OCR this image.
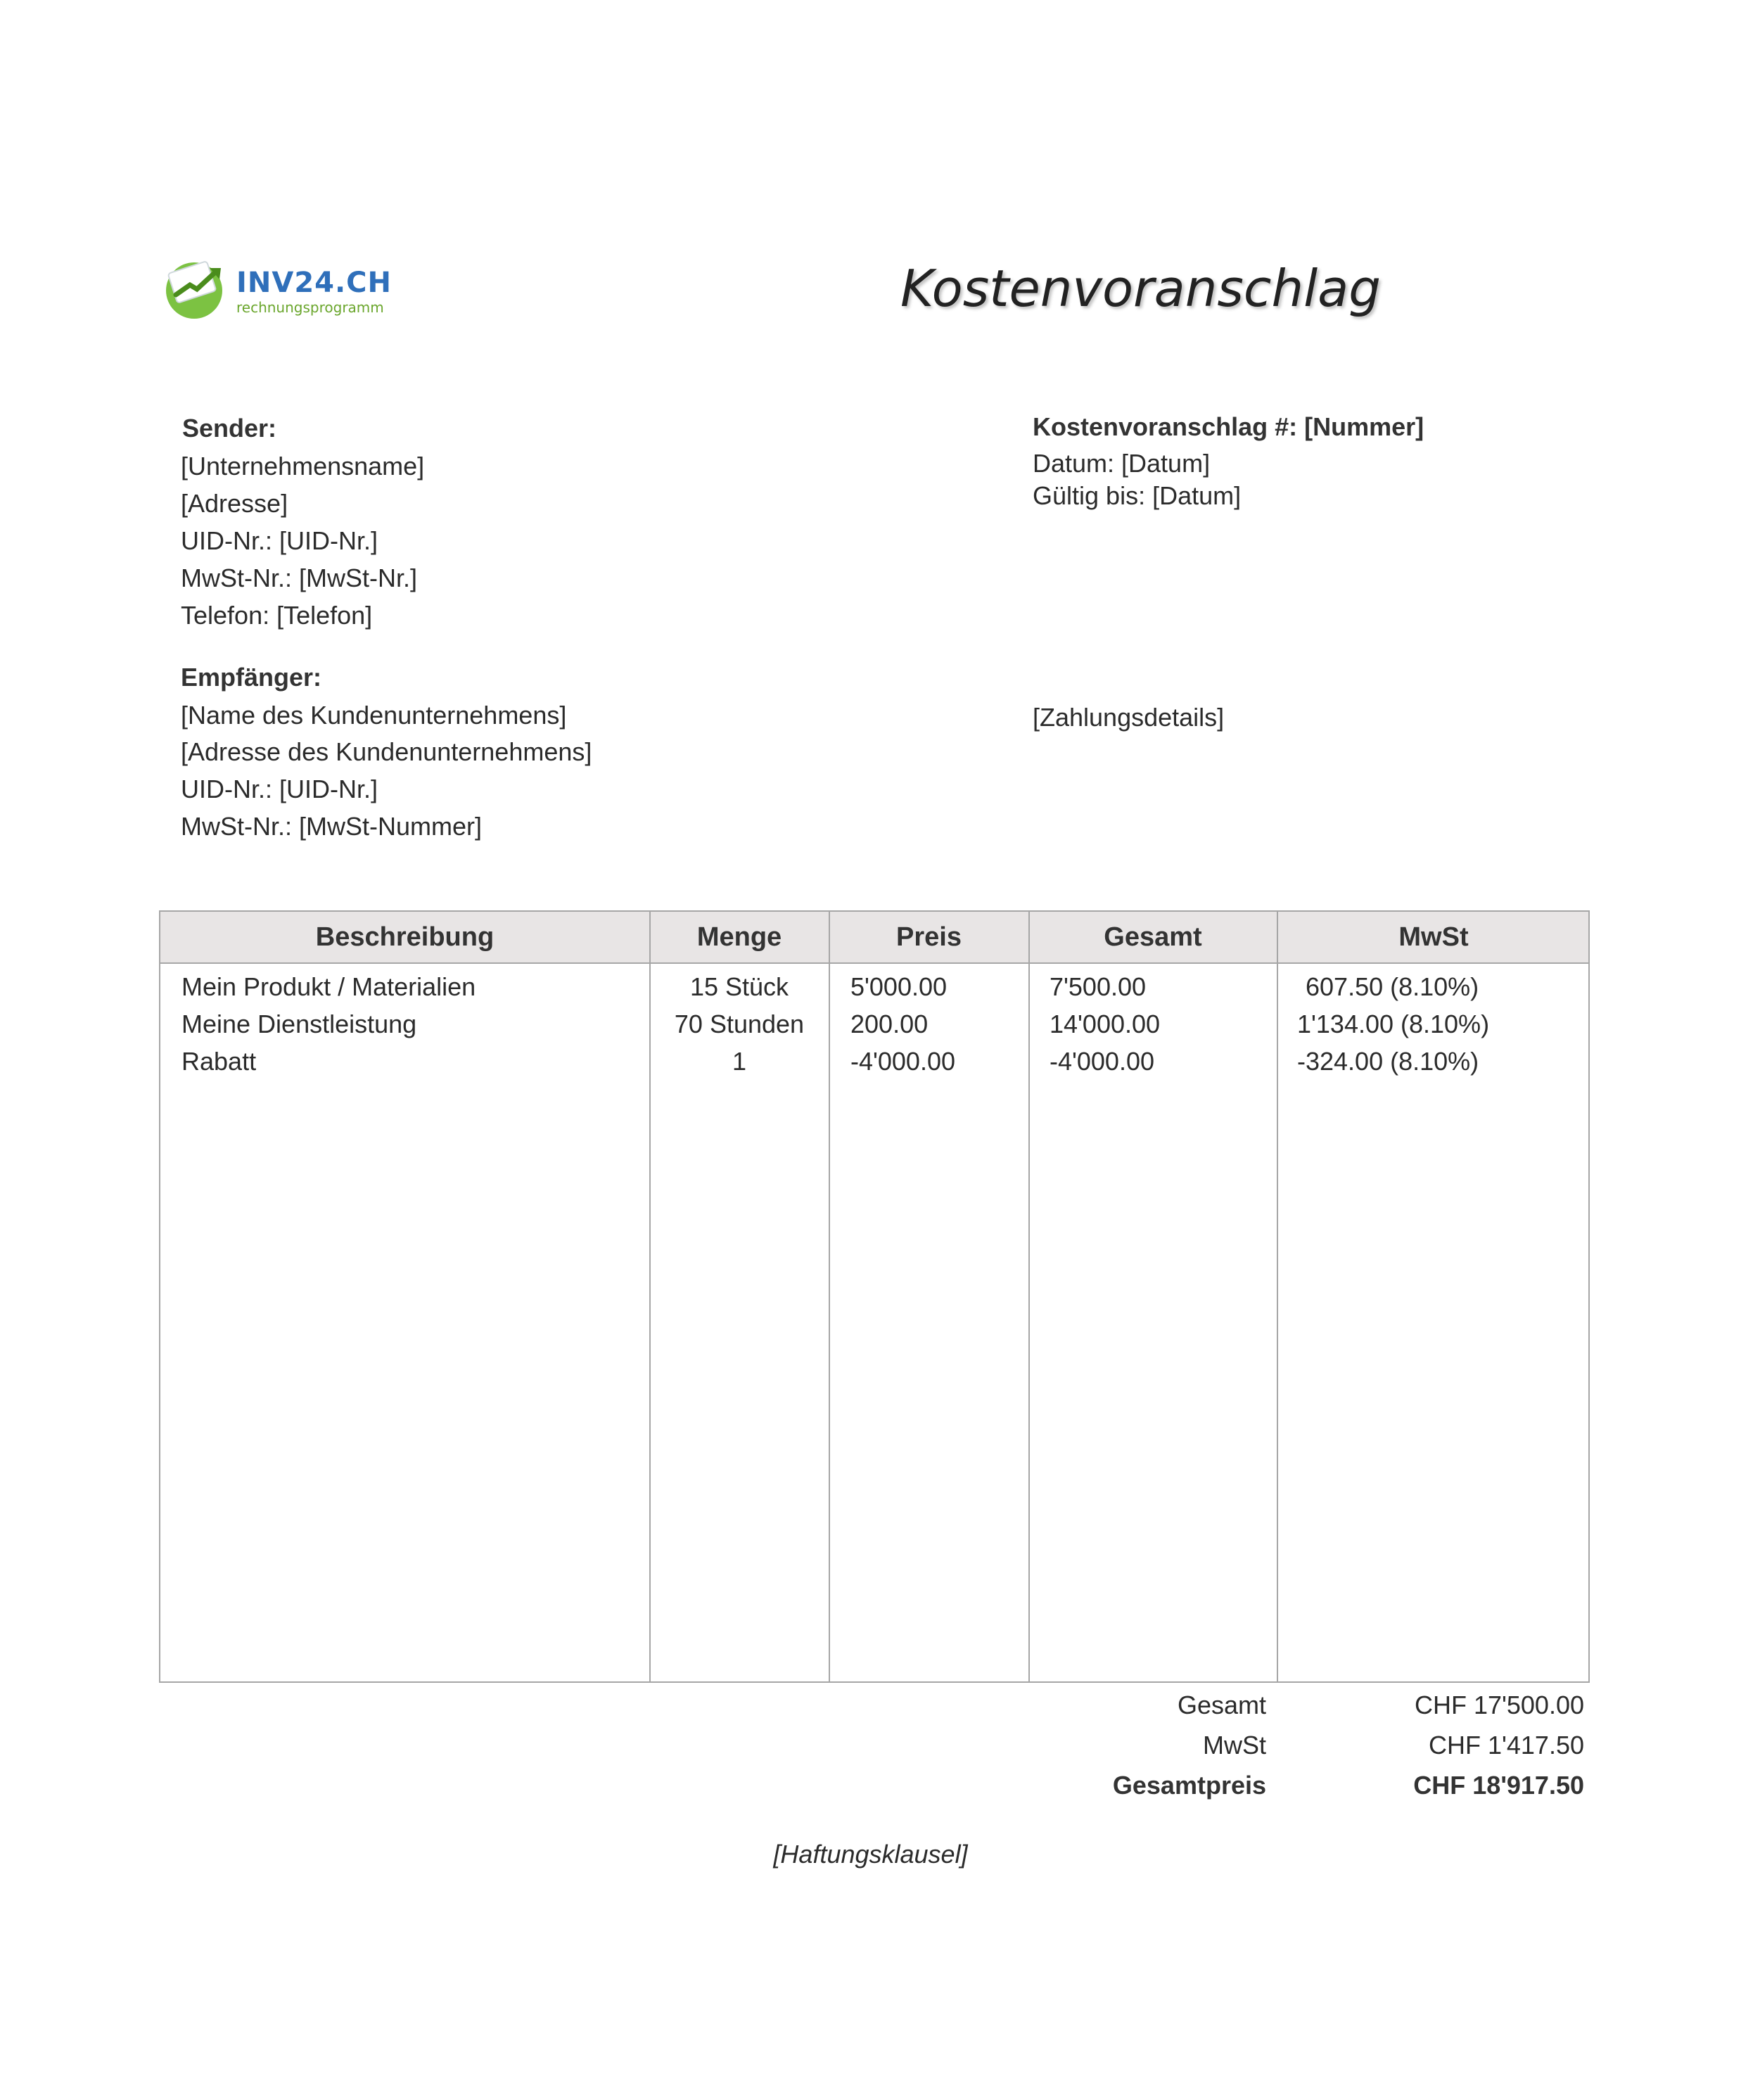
INV24.CH
rechnungsprogramm	Kostenvoranschlag
Sender:
[Unternehmensname]
[Adresse]
UID-Nr.: [UID-Nr.]
MwSt-Nr.: [MwSt-Nr.]
Telefon: [Telefon]
Kostenvoranschlag #: [Nummer]
Datum: [Datum]
Gültig bis: [Datum]
[Zahlungsdetails]
Empfänger:
[Name des Kundenunternehmens]
[Adresse des Kundenunternehmens]
UID-Nr.: [UID-Nr.]
MwSt-Nr.: [MwSt-Nummer]
Beschreibung	Menge	Preis	Gesamt	MwSt
Mein Produkt / Materialien	15 Stück	5'000.00	7'500.00	607.50 (8.10%)
Meine Dienstleistung	70 Stunden	200.00	14'000.00	1'134.00 (8.10%)
Rabatt	1	-4'000.00	-4'000.00	-324.00 (8.10%)
Gesamt	CHF 17'500.00
MwSt	CHF 1'417.50
Gesamtpreis	CHF 18'917.50
[Haftungsklausel]
